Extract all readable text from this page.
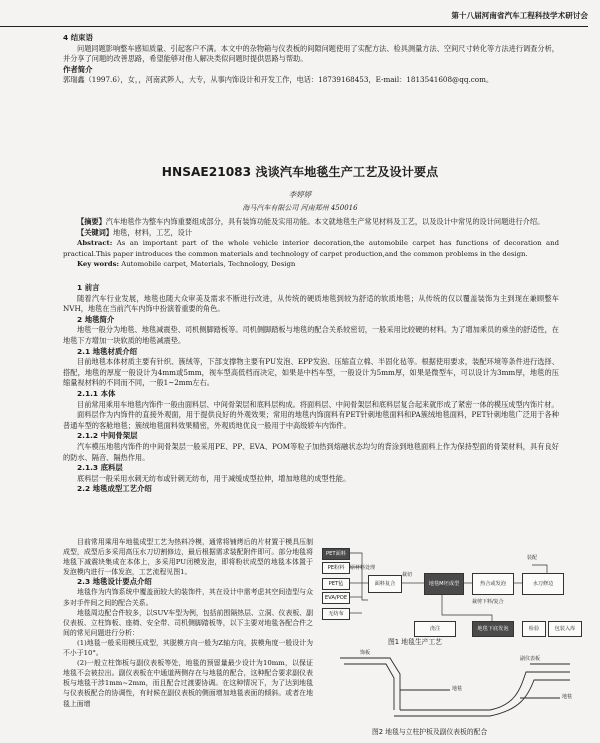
第十八届河南省汽车工程科技学术研讨会
4 结束语

问题同题影响整车感知质量、引起客户不满。本文中的杂物箱与仪表板的间隙问题使用了实配方法、检具测量方法、空间尺寸转化等方法进行调查分析，并分享了问题的改善思路，希望能够对他人解决类似问题时提供思路与帮助。

作者简介

郭瑞鑫（1997.6），女，，河南武陟人，大专，从事内饰设计和开发工作，电话：18739168453，E-mail：1813541608@qq.com。

HNSAE21083 浅谈汽车地毯生产工艺及设计要点
李婷婷
海马汽车有限公司 河南郑州 450016

【摘要】汽车地毯作为整车内饰重要组成部分，具有装饰功能及实用功能。本文就地毯生产常见材料及工艺，以及设计中常见的设计问题进行介绍。

【关键词】地毯，材料，工艺，设计

Abstract: As an important part of the whole vehicle interior decoration,the automobile carpet has functions of decoration and practical.This paper introduces the common materials and technology of carpet production,and the common problems in the design.

Key words: Automobile carpet, Materials, Technology, Design

1 前言

随着汽车行业发展，地毯也随大众审美及需求不断进行改进，从传统的硬质地毯到较为舒适的软质地毯；从传统的仅以覆盖装饰为主到现在兼顾整车NVH，地毯在当前汽车内饰中扮演着重要的角色。

2 地毯简介

地毯一般分为地毯、地毯减震垫、司机侧脚踏板等。司机侧脚踏板与地毯的配合关系较密切，一般采用比较硬的材料。为了增加乘员的乘坐的舒适性，在地毯下方增加一块软质的地毯减震垫。

2.1 地毯材质介绍

目前地毯本体材质主要有针织、簇绒等，下部支撑物主要有PU发泡、EPP发泡、压缩直立棉、半固化毡等。根据使用要求，装配环境等条件进行选择、搭配，地毯的厚度一般设计为4mm或5mm，视车型高低档而决定，如果是中档车型，一般设计为5mm厚，如果是微型车，可以设计为3mm厚，地毯的压缩量视材料的不同而不同，一般1~2mm左右。

2.1.1 本体

目前常用乘用车地毯内饰件一般由面料层、中间骨架层和底料层构成。将面料层、中间骨架层和底料层复合起来就形成了紧密一体的模压成型内饰片材。

面料层作为内饰件的直接外观面，用于提供良好的外观效果；常用的地毯内饰面料有PET针刺地毯面料和PA簇绒地毯面料，PET针刺地毯广泛用于各种普通车型的客舱地毯；簇绒地毯面料效果精密，外观质地优良一般用于中高级轿车内饰件。

2.1.2 中间骨架层

汽车模压地毯内饰件的中间骨架层一般采用PE、PP、EVA、POM等粒子加热到熔融状态均匀的背涂到地毯面料上作为保持型面的骨架材料，具有良好的防水、隔音、隔热作用。

2.1.3 底料层

底料层一般采用水刺无纺布或针刺无纺布，用于减缓成型拉伸，增加地毯的成型性能。

2.2 地毯成型工艺介绍

目前常用乘用车地毯成型工艺为热料冷模，通常将铺烤后的片材置于模具压制成型，成型后多采用高压水刀切割修边，最后根据需求装配附件即可。部分地毯将地毯下减震块集成在本体上，多采用PU闭模发泡，即将粉状成型的地毯本体置于发泡模内进行一体发泡，工艺流程见图1。

2.3 地毯设计要点介绍

地毯作为内饰系统中覆盖面较大的装饰件，其在设计中需考虑其空间造型与众多对手件间之间的配合关系。

地毯周边配合件较多，以SUV车型为例，包括前围隔热层、立洞、仪表板、副仪表板、立柱饰板、座椅、安全带、司机侧脚踏板等，以下主要对地毯各配合件之间的常见问题进行分析：

(1)地毯一般采用模压成型，其脱模方向一般为Z轴方向，拔模角度一般设计为不小于10°。

(2)一般立柱饰板与副仪表板等处，地毯的预留量最少设计为10mm，以保证地毯不会被拉出。副仪表板在中通道两侧存在与地毯的配合，这种配合要求副仪表板与地毯干涉1mm~2mm，而且配合过渡要协调。在这种情况下，为了达到地毯与仪表板配合的协调性，有时候在副仪表板的侧面增加地毯表面的倾斜。或者在地毯上面增

PET面料
PE粉料
PET毡
EVA/POE
无纺布
原材料处理
面料复合
裁切
地毯M坯成型	热合或发泡	水刀修边
装配
裁剪下料/复合
浇注	地毯下底发泡	检验	包装入库
图1 地毯生产工艺
副仪表板
地毯
饰板
地毯
图2 地毯与立柱护板及副仪表板的配合
